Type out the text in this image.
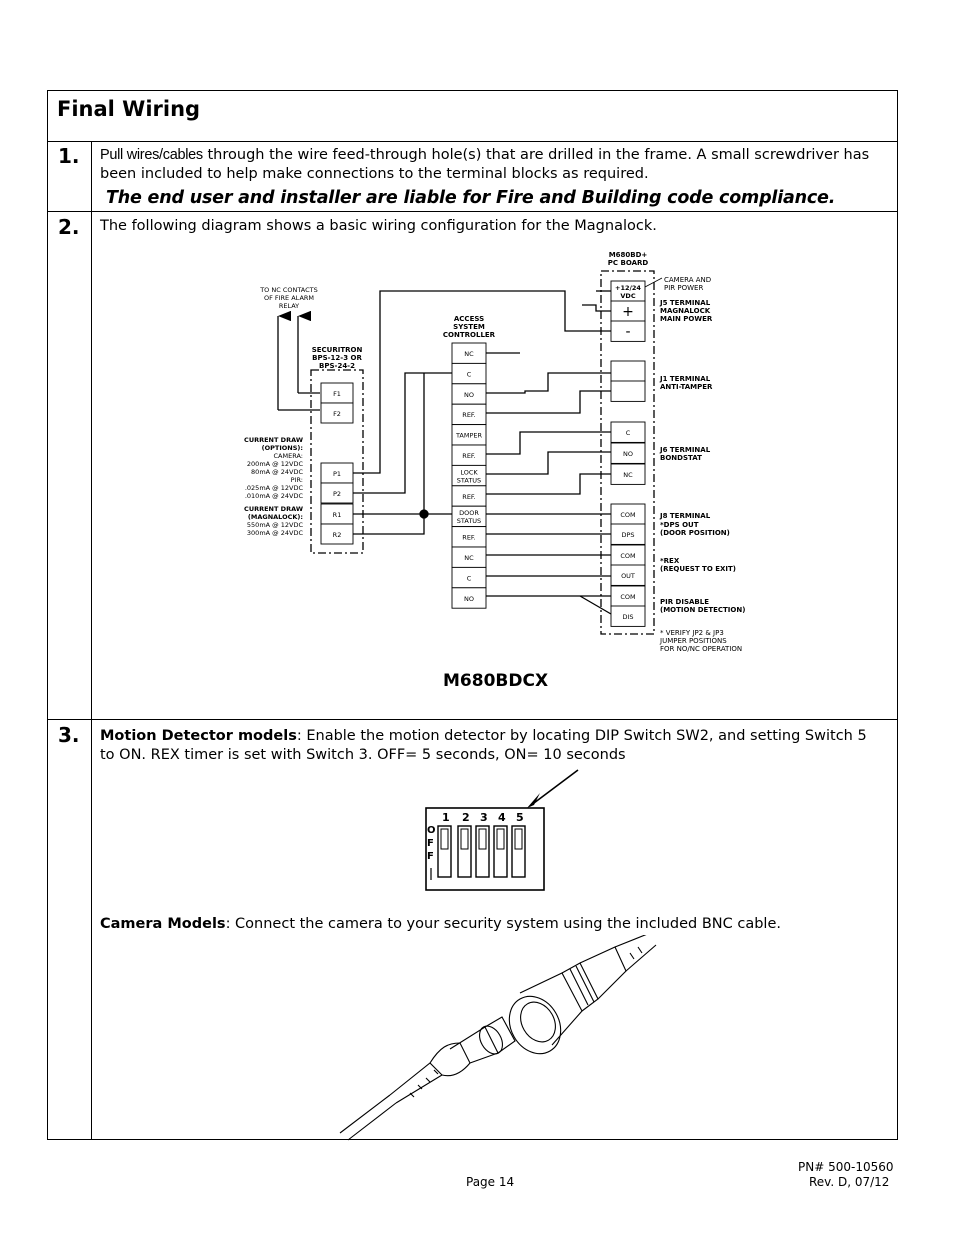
Final Wiring
1. Pull wires/cables through the wire feed-through hole(s) that are drilled in the frame. A small screwdriver has been included to help make connections to the terminal blocks as required.
The end user and installer are liable for Fire and Building code compliance.
2. The following diagram shows a basic wiring configuration for the Magnalock.
M680BDCX
3. Motion Detector models: Enable the motion detector by locating DIP Switch SW2, and setting Switch 5 to ON. REX timer is set with Switch 3. OFF= 5 seconds, ON= 10 seconds
Camera Models: Connect the camera to your security system using the included BNC cable.
TO NC CONTACTS
OF FIRE ALARM
RELAY
SECURITRON
BPS-12-3 OR
BPS-24-2
F1
F2
P1
P2
R1
R2
CURRENT DRAW
(OPTIONS):
CAMERA:
200mA @ 12VDC
80mA @ 24VDC
PIR:
.025mA @ 12VDC
.010mA @ 24VDC
CURRENT DRAW
(MAGNALOCK):
550mA @ 12VDC
300mA @ 24VDC
ACCESS
SYSTEM
CONTROLLER
NC
C
NO
REF.
TAMPER
REF.
LOCK
STATUS
REF.
DOOR
STATUS
REF.
NC
C
NO
M680BD+
PC BOARD
+12/24
VDC
+
-
C
NO
NC
COM
DPS
COM
OUT
COM
DIS
CAMERA AND
PIR POWER
J5 TERMINAL
MAGNALOCK
MAIN POWER
J1 TERMINAL
ANTI-TAMPER
J6 TERMINAL
BONDSTAT
J8 TERMINAL
*DPS OUT
(DOOR POSITION)
*REX
(REQUEST TO EXIT)
PIR DISABLE
(MOTION DETECTION)
* VERIFY JP2 & JP3
JUMPER POSITIONS
FOR NO/NC OPERATION
1 2 3 4 5
O
F
F
PN# 500-10560
Page 14	Rev. D, 07/12
